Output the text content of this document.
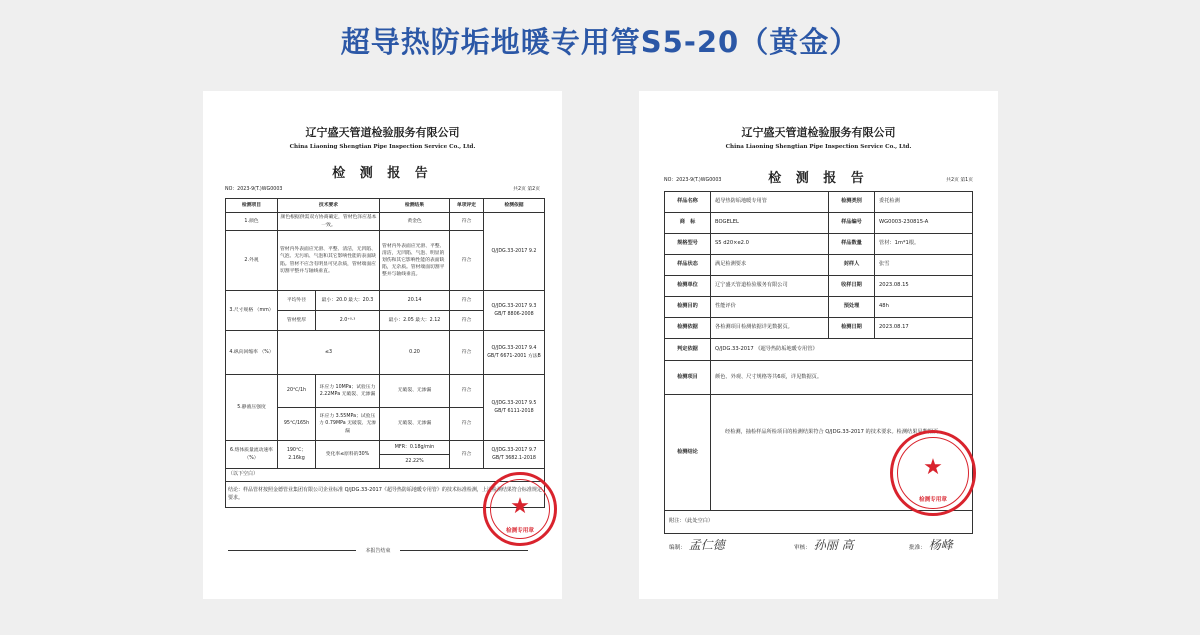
超导热防垢地暖专用管S5-20（黄金）
辽宁盛天管道检验服务有限公司
China Liaoning Shengtian Pipe Inspection Service Co., Ltd.
检 测 报 告
NO：2023-9(T.)WG0003	共2页 第2页
检测项目	技术要求		检测结果	单项评定	检测依据
1.颜色	颜色根据供需双方协商确定，管材色泽应基本一致。		黄金色	符合	Q/JDG.33-2017 9.2
2.外观	管材内外表面应光滑、平整、清洁，无凹陷、气泡、无污垢、气泡和其它影响性能的表面缺陷。管材不应含有明显可见杂质，管材端面应切割平整并与轴线垂直。		管材内外表面应光滑、平整、清洁，无凹陷、气泡、明显的划伤和其它影响性能的表面缺陷，无杂质。管材端面切割平整并与轴线垂直。	符合	
3.尺寸规格 （mm）	平均外径	最小：20.0 最大：20.3	20.14	符合	Q/JDG.33-2017 9.3 GB/T 8806-2008
	管材壁厚	2.0⁺⁰·³	最小：2.05 最大：2.12	符合	
4.纵向回缩率 （%）	≤3		0.20	符合	Q/JDG.33-2017 9.4 GB/T 6671-2001 方法B
5.静液压强度	20℃/1h	环应力 10MPa；试验压力 2.22MPa 无破裂、无渗漏	无破裂、无渗漏	符合	Q/JDG.33-2017 9.5 GB/T 6111-2018
	95℃/165h	环应力 3.55MPa；试验压力 0.79MPa 无破裂、无渗漏	无破裂、无渗漏	符合	
6.熔体质量流动速率（%）	190℃；2.16kg	变化率≤原料的30%	MFR：0.18g/min	符合	Q/JDG.33-2017 9.7 GB/T 3682.1-2018
			22.22%		
（以下空白）					
结论：样品管材按照金德管业集团有限公司企业标准 Q/JDG.33-2017《超导热防垢地暖专用管》的技术标准检测，上述检测结果符合标准规定要求。					
本报告结束
★
检测专用章
辽宁盛天管道检验服务有限公司
China Liaoning Shengtian Pipe Inspection Service Co., Ltd.
检 测 报 告
NO：2023-9(T.)WG0003	共2页 第1页
样品名称	超导热防垢地暖专用管	检测类别	委托检测
商　标	BOGELEL	样品编号	WG0003-230815-A
规格型号	S5 d20×e2.0	样品数量	管材：1m*1根。
样品状态	满足检测要求	封样人	张雪
检测单位	辽宁盛天管道检验服务有限公司	收样日期	2023.08.15
检测目的	性能评价	预处理	48h
检测依据	各检测项目检测依据详见数据页。	检测日期	2023.08.17
判定依据	Q/JDG.33-2017 《超导热防垢地暖专用管》		
检测项目	颜色、外观、尺寸规格等共6项，详见数据页。		
检测结论	经检测，抽检样品所检项目的检测结果符合 Q/JDG.33-2017 的技术要求。检测结果见数据页。		
附注：（此处空白）			
编制： 孟仁德	审核： 孙丽 高	批准： 杨峰
★
检测专用章
